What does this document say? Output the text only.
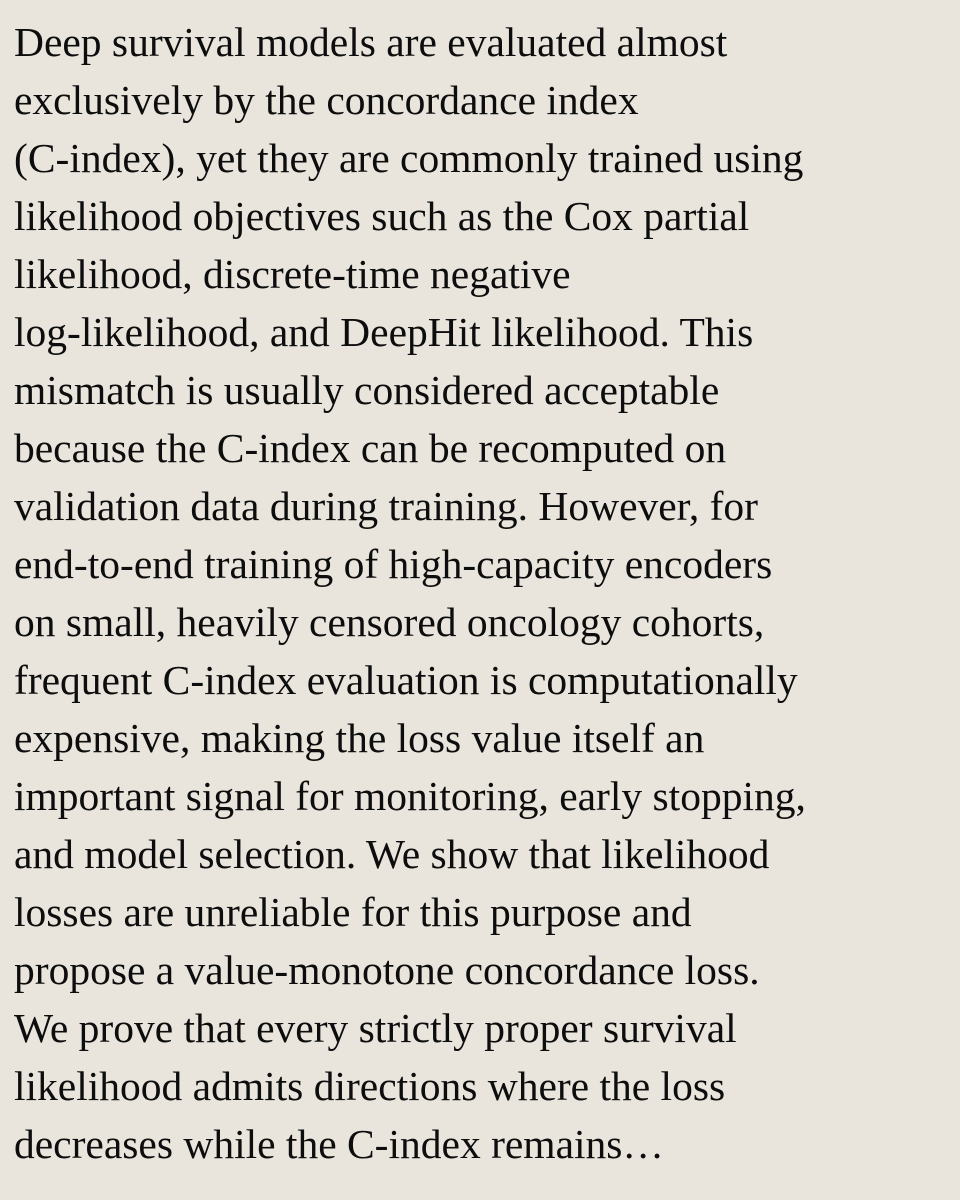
Deep survival models are evaluated almost
exclusively by the concordance index
(C-index), yet they are commonly trained using
likelihood objectives such as the Cox partial
likelihood, discrete-time negative
log-likelihood, and DeepHit likelihood. This
mismatch is usually considered acceptable
because the C-index can be recomputed on
validation data during training. However, for
end-to-end training of high-capacity encoders
on small, heavily censored oncology cohorts,
frequent C-index evaluation is computationally
expensive, making the loss value itself an
important signal for monitoring, early stopping,
and model selection. We show that likelihood
losses are unreliable for this purpose and
propose a value-monotone concordance loss.
We prove that every strictly proper survival
likelihood admits directions where the loss
decreases while the C-index remains…
